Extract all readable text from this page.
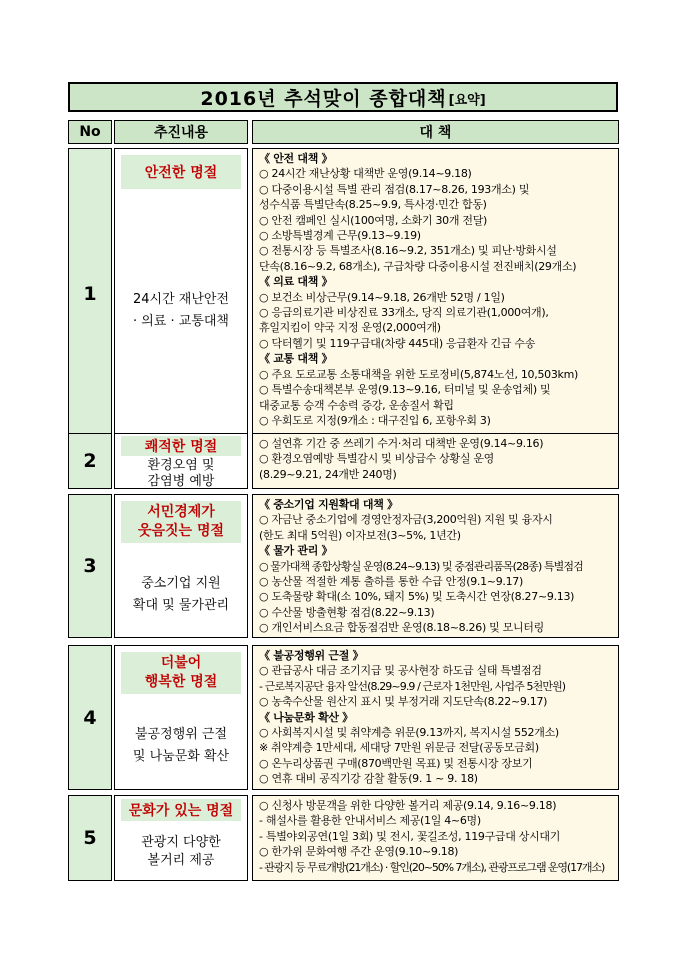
2016년 추석맞이 종합대책 [요약]
No	추진내용	대 책
1
안전한 명절
24시간 재난안전
· 의료 · 교통대책
《 안전 대책 》
○ 24시간 재난상황 대책반 운영(9.14~9.18)
○ 다중이용시설 특별 관리 점검(8.17~8.26, 193개소) 및
성수식품 특별단속(8.25~9.9, 특사경·민간 합동)
○ 안전 캠페인 실시(100여명, 소화기 30개 전달)
○ 소방특별경계 근무(9.13~9.19)
○ 전통시장 등 특별조사(8.16~9.2, 351개소) 및 피난·방화시설
단속(8.16~9.2, 68개소), 구급차량 다중이용시설 전진배치(29개소)
《 의료 대책 》
○ 보건소 비상근무(9.14~9.18, 26개반 52명 / 1일)
○ 응급의료기관 비상진료 33개소, 당직 의료기관(1,000여개),
휴일지킴이 약국 지정 운영(2,000여개)
○ 닥터헬기 및 119구급대(차량 445대) 응급환자 긴급 수송
《 교통 대책 》
○ 주요 도로교통 소통대책을 위한 도로정비(5,874노선, 10,503km)
○ 특별수송대책본부 운영(9.13~9.16, 터미널 및 운송업체) 및
대중교통 승객 수송력 증강, 운송질서 확립
○ 우회도로 지정(9개소 : 대구진입 6, 포항우회 3)
2
쾌적한 명절
환경오염 및
감염병 예방
○ 설연휴 기간 중 쓰레기 수거·처리 대책반 운영(9.14~9.16)
○ 환경오염예방 특별감시 및 비상급수 상황실 운영
(8.29~9.21, 24개반 240명)
3
서민경제가
웃음짓는 명절
중소기업 지원
확대 및 물가관리
《 중소기업 지원확대 대책 》
○ 자금난 중소기업에 경영안정자금(3,200억원) 지원 및 융자시
(한도 최대 5억원) 이자보전(3~5%, 1년간)
《 물가 관리 》
○ 물가대책 종합상황실 운영(8.24~9.13) 및 중점관리품목(28종) 특별점검
○ 농산물 적절한 계통 출하를 통한 수급 안정(9.1~9.17)
○ 도축물량 확대(소 10%, 돼지 5%) 및 도축시간 연장(8.27~9.13)
○ 수산물 방출현황 점검(8.22~9.13)
○ 개인서비스요금 합동점검반 운영(8.18~8.26) 및 모니터링
4
더불어
행복한 명절
불공정행위 근절
및 나눔문화 확산
《 불공정행위 근절 》
○ 관급공사 대금 조기지급 및 공사현장 하도급 실태 특별점검
- 근로복지공단 융자 알선(8.29~9.9 / 근로자 1천만원, 사업주 5천만원)
○ 농축수산물 원산지 표시 및 부정거래 지도단속(8.22~9.17)
《 나눔문화 확산 》
○ 사회복지시설 및 취약계층 위문(9.13까지, 복지시설 552개소)
※ 취약계층 1만세대, 세대당 7만원 위문금 전달(공동모금회)
○ 온누리상품권 구매(870백만원 목표) 및 전통시장 장보기
○ 연휴 대비 공직기강 감찰 활동(9. 1 ~ 9. 18)
5
문화가 있는 명절
관광지 다양한
볼거리 제공
○ 신청사 방문객을 위한 다양한 볼거리 제공(9.14, 9.16~9.18)
- 해설사를 활용한 안내서비스 제공(1일 4~6명)
- 특별야외공연(1일 3회) 및 전시, 꽃길조성, 119구급대 상시대기
○ 한가위 문화여행 주간 운영(9.10~9.18)
- 관광지 등 무료개방(21개소) · 할인(20~50% 7개소), 관광프로그램 운영(17개소)
